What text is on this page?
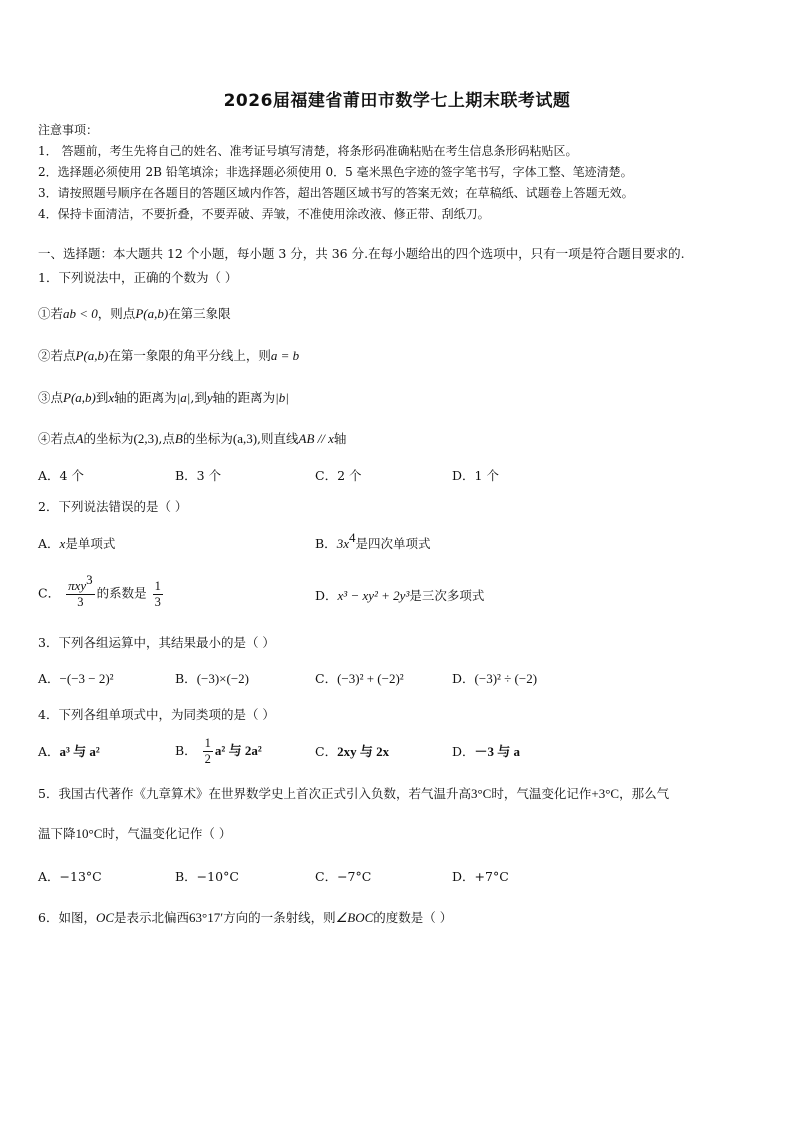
2026届福建省莆田市数学七上期末联考试题
注意事项：
1． 答题前，考生先将自己的姓名、准考证号填写清楚，将条形码准确粘贴在考生信息条形码粘贴区。
2．选择题必须使用 2B 铅笔填涂；非选择题必须使用 0．5 毫米黑色字迹的签字笔书写，字体工整、笔迹清楚。
3．请按照题号顺序在各题目的答题区域内作答，超出答题区域书写的答案无效；在草稿纸、试题卷上答题无效。
4．保持卡面清洁，不要折叠，不要弄破、弄皱，不准使用涂改液、修正带、刮纸刀。
一、选择题：本大题共 12 个小题，每小题 3 分，共 36 分.在每小题给出的四个选项中，只有一项是符合题目要求的.
1．下列说法中，正确的个数为（ ）
①若ab < 0，则点P(a,b)在第三象限
②若点P(a,b)在第一象限的角平分线上，则a = b
③点P(a,b)到x轴的距离为|a|,到y轴的距离为|b|
④若点A的坐标为(2,3),点B的坐标为(a,3),则直线AB // x轴
A．4 个	B．3 个	C．2 个	D．1 个
2．下列说法错误的是（ ）
A．x是单项式	B．$3x^4$是四次单项式
C． $\frac{\pi xy^3}{3}$ 的系数是 $\frac{1}{3}$	D．x³ − xy² + 2y³是三次多项式
3．下列各组运算中，其结果最小的是（ ）
A．−(−3 − 2)²	B．(−3)×(−2)	C．(−3)² + (−2)²	D．(−3)² ÷ (−2)
4．下列各组单项式中，为同类项的是（ ）
A．a³ 与 a²	B． $\frac{1}{2} a^2$ 与 2a²	C．2xy 与 2x	D．－3 与 a
5．我国古代著作《九章算术》在世界数学史上首次正式引入负数，若气温升高3°C时，气温变化记作+3°C，那么气
温下降10°C时，气温变化记作（ ）
A．−13°C	B．−10°C	C．−7°C	D．+7°C
6．如图，OC是表示北偏西63°17′方向的一条射线，则∠BOC的度数是（ ）
